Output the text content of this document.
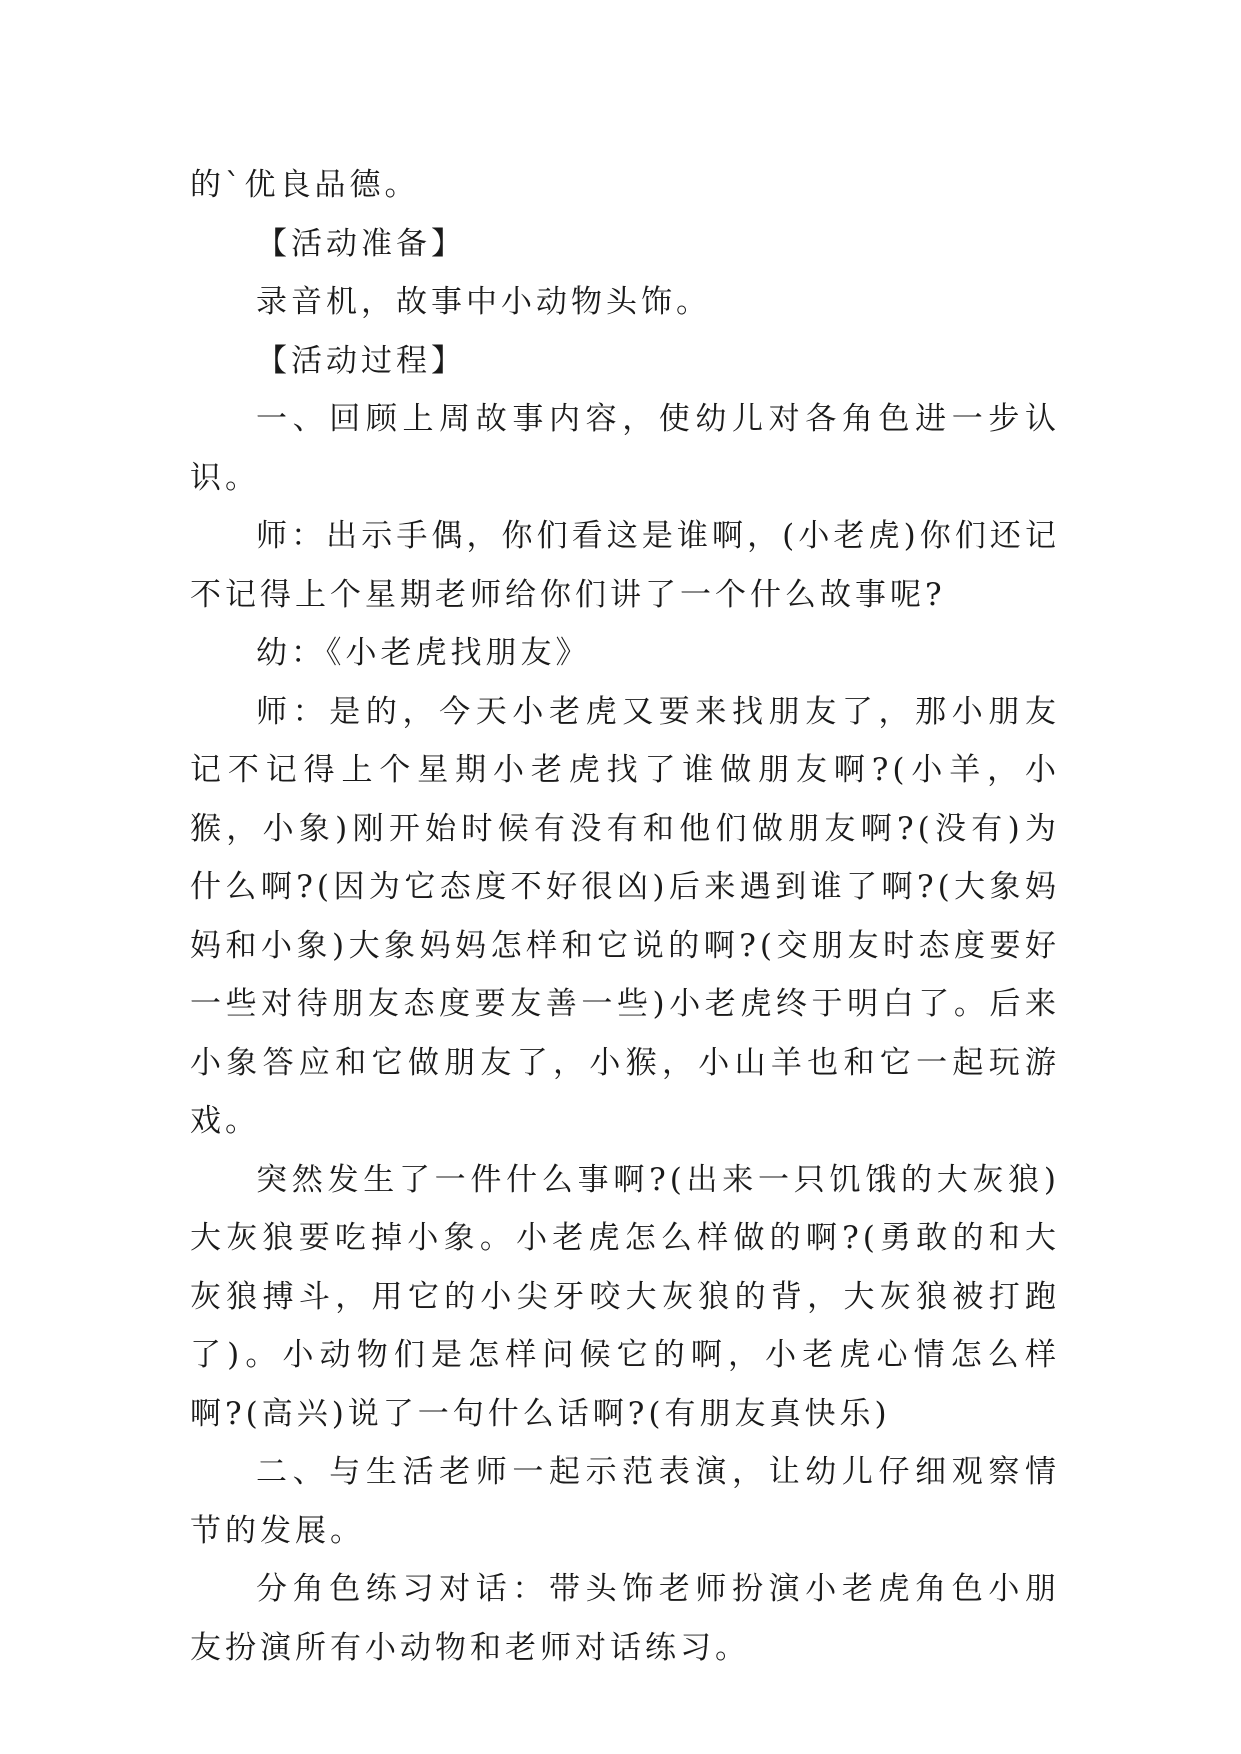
的`优良品德。

【活动准备】

录音机，故事中小动物头饰。

【活动过程】

一、回顾上周故事内容，使幼儿对各角色进一步认识。

师：出示手偶，你们看这是谁啊，(小老虎)你们还记不记得上个星期老师给你们讲了一个什么故事呢?

幼：《小老虎找朋友》

师：是的，今天小老虎又要来找朋友了，那小朋友记不记得上个星期小老虎找了谁做朋友啊?(小羊，小猴，小象)刚开始时候有没有和他们做朋友啊?(没有)为什么啊?(因为它态度不好很凶)后来遇到谁了啊?(大象妈妈和小象)大象妈妈怎样和它说的啊?(交朋友时态度要好一些对待朋友态度要友善一些)小老虎终于明白了。后来小象答应和它做朋友了，小猴，小山羊也和它一起玩游戏。

突然发生了一件什么事啊?(出来一只饥饿的大灰狼)大灰狼要吃掉小象。小老虎怎么样做的啊?(勇敢的和大灰狼搏斗，用它的小尖牙咬大灰狼的背，大灰狼被打跑了)。小动物们是怎样问候它的啊，小老虎心情怎么样啊?(高兴)说了一句什么话啊?(有朋友真快乐)

二、与生活老师一起示范表演，让幼儿仔细观察情节的发展。

分角色练习对话：带头饰老师扮演小老虎角色小朋友扮演所有小动物和老师对话练习。
